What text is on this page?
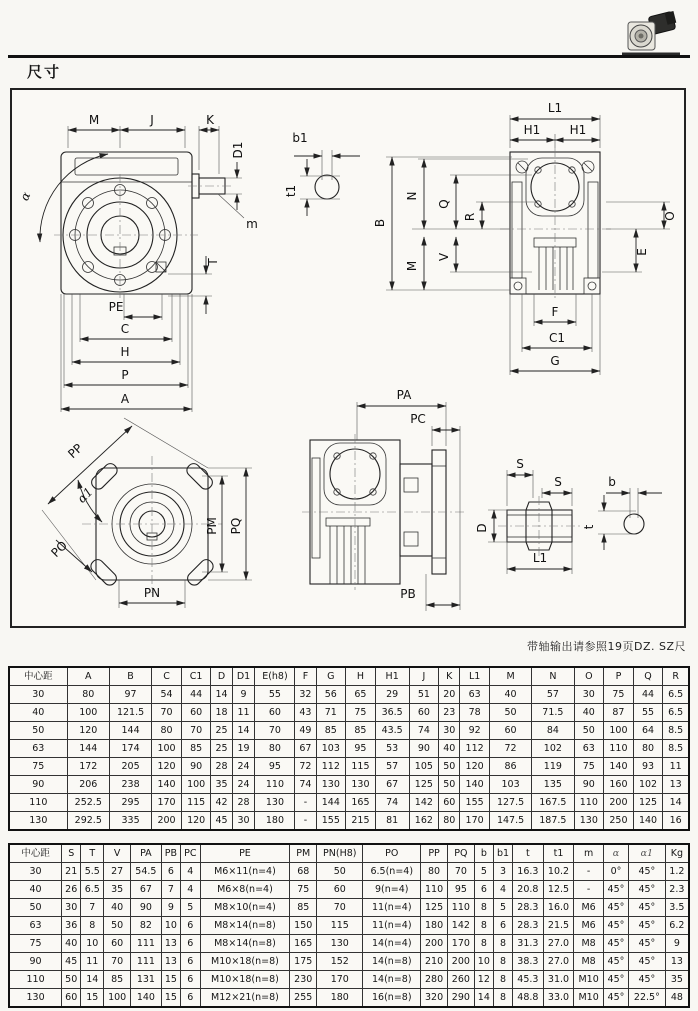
尺寸
M	J	K
D1
m
α
T
PE
C
H
P
A
b1
t1
L1
H1 H1
B
N
Q
R
M
V
O
E
F
C1
G
PP
α1
PO
PM PQ
PN
PA
PC
PB
S
S
D
L1
b
t
带轴输出请参照19页DZ. SZ尺
中心距	A	B	C	C1	D	D1	E(h8)	F	G	H	H1	J	K	L1	M	N	O	P	Q	R
30	80	97	54	44	14	9	55	32	56	65	29	51	20	63	40	57	30	75	44	6.5
40	100	121.5	70	60	18	11	60	43	71	75	36.5	60	23	78	50	71.5	40	87	55	6.5
50	120	144	80	70	25	14	70	49	85	85	43.5	74	30	92	60	84	50	100	64	8.5
63	144	174	100	85	25	19	80	67	103	95	53	90	40	112	72	102	63	110	80	8.5
75	172	205	120	90	28	24	95	72	112	115	57	105	50	120	86	119	75	140	93	11
90	206	238	140	100	35	24	110	74	130	130	67	125	50	140	103	135	90	160	102	13
110	252.5	295	170	115	42	28	130	-	144	165	74	142	60	155	127.5	167.5	110	200	125	14
130	292.5	335	200	120	45	30	180	-	155	215	81	162	80	170	147.5	187.5	130	250	140	16
中心距	S	T	V	PA	PB	PC	PE	PM	PN(H8)	PO	PP	PQ	b	b1	t	t1	m	α	α1	Kg
30	21	5.5	27	54.5	6	4	M6×11(n=4)	68	50	6.5(n=4)	80	70	5	3	16.3	10.2	-	0°	45°	1.2
40	26	6.5	35	67	7	4	M6×8(n=4)	75	60	9(n=4)	110	95	6	4	20.8	12.5	-	45°	45°	2.3
50	30	7	40	90	9	5	M8×10(n=4)	85	70	11(n=4)	125	110	8	5	28.3	16.0	M6	45°	45°	3.5
63	36	8	50	82	10	6	M8×14(n=8)	150	115	11(n=4)	180	142	8	6	28.3	21.5	M6	45°	45°	6.2
75	40	10	60	111	13	6	M8×14(n=8)	165	130	14(n=4)	200	170	8	8	31.3	27.0	M8	45°	45°	9
90	45	11	70	111	13	6	M10×18(n=8)	175	152	14(n=8)	210	200	10	8	38.3	27.0	M8	45°	45°	13
110	50	14	85	131	15	6	M10×18(n=8)	230	170	14(n=8)	280	260	12	8	45.3	31.0	M10	45°	45°	35
130	60	15	100	140	15	6	M12×21(n=8)	255	180	16(n=8)	320	290	14	8	48.8	33.0	M10	45°	22.5°	48
